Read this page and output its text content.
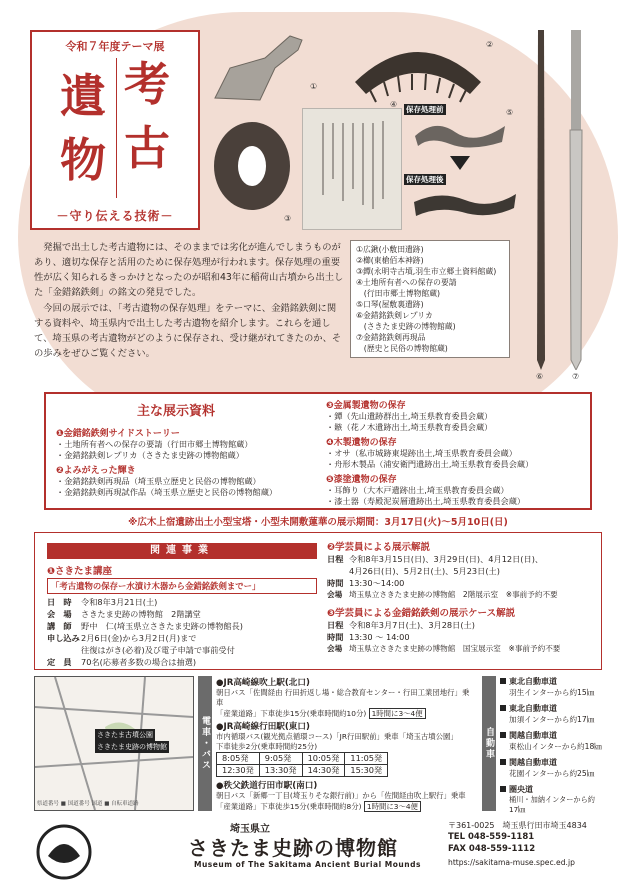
令和７年度テーマ展
考
古
遺
物
－守り伝える技術－
①
②
③
④
保存処理前	⑤
保存処理後
⑥	⑦

発掘で出土した考古遺物には、そのままでは劣化が進んでしまうものがあり、適切な保存と活用のために保存処理が行われます。保存処理の重要性が広く知られるきっかけとなったのが昭和43年に稲荷山古墳から出土した「金錯銘鉄剣」の銘文の発見でした。

今回の展示では、「考古遺物の保存処理」をテーマに、金錯銘鉄剣に関する資料や、埼玉県内で出土した考古遺物を紹介します。これらを通して、埼玉県の考古遺物がどのように保存され、受け継がれてきたのか、その歩みをぜひご覧ください。

①広鍬(小敷田遺跡)
②櫛(東槍佰本神跡)
③鐔(永明寺古墳,羽生市立郷土資料館蔵)
④土地所有者への保存の要請
　(行田市郷土博物館蔵)
⑤口琴(屋敷裏遺跡)
⑥金錯銘鉄剣レプリカ
　(さきたま史跡の博物館蔵)
⑦金錯銘鉄剣再現品
　(歴史と民俗の博物館蔵)
主な展示資料
❶金錯銘鉄剣サイドストーリー
・土地所有者への保存の要請（行田市郷土博物館蔵）
・金錯銘鉄剣レプリカ（さきたま史跡の博物館蔵）
❷よみがえった輝き
・金錯銘鉄剣再現品（埼玉県立歴史と民俗の博物館蔵）
・金錯銘鉄剣再現試作品（埼玉県立歴史と民俗の博物館蔵）
❸金属製遺物の保存
・鐔（先山遺跡群出土,埼玉県教育委員会蔵）
・鏃（花ノ木遺跡出土,埼玉県教育委員会蔵）
❹木製遺物の保存
・オサ（私市城跡東堤跡出土,埼玉県教育委員会蔵）
・舟形木製品（浦安衛門遺跡出土,埼玉県教育委員会蔵）
❺漆塗遺物の保存
・耳飾り（大木戸遺跡出土,埼玉県教育委員会蔵）
・漆土器（寿殿泥炭層遺跡出土,埼玉県教育委員会蔵）
※広木上宿遺跡出土小型宝塔・小型未開敷蓮華の展示期間：3月17日(火)～5月10日(日)
関連事業
❶さきたま講座
「考古遺物の保存ー水漬け木器から金錯銘鉄剣までー」
日　時 令和8年3月21日(土)
会　場 さきたま史跡の博物館　2階講堂
講　師 野中　仁(埼玉県立さきたま史跡の博物館長)
申し込み2月6日(金)から3月2日(月)まで
往復はがき(必着)及び電子申請で事前受付
定　員 70名(応募者多数の場合は抽選)
❷学芸員による展示解説
日程 令和8年3月15日(日)、3月29日(日)、4月12日(日)、
4月26日(日)、5月2日(土)、5月23日(土)
時間 13:30～14:00
会場 埼玉県立さきたま史跡の博物館　2階展示室　※事前予約不要
❸学芸員による金錯銘鉄剣の展示ケース解説
日程 令和8年3月7日(土)、3月28日(土)
時間 13:30 ～ 14:00
会場 埼玉県立さきたま史跡の博物館　国宝展示室　※事前予約不要
さきたま古墳公園
さきたま史跡の博物館
県道番号 ■ 国道番号 国道 ■ 自転車道路
電車・バス
●JR高崎線吹上駅(北口)
朝日バス「佐間経由 行田折返し場・総合教育センター・行田工業団地行」乗車
「産業道路」下車徒歩15分(乗車時間約10分) 1時間に3～4便
●JR高崎線行田駅(東口)
市内循環バス(観光拠点循環コース)「JR行田駅前」乗車「埼玉古墳公園」
下車徒歩2分(乗車時間約25分)
8:05発	9:05発	10:05発	11:05発
12:30発	13:30発	14:30発	15:30発
●秩父鉄道行田市駅(南口)
朝日バス「新郷一丁目(埼玉りそな銀行前)」から「佐間経由吹上駅行」乗車
「産業道路」下車徒歩15分(乗車時間約8分) 1時間に3～4便
自動車
東北自動車道
羽生インターから約15㎞
東北自動車道
加須インターから約17㎞
関越自動車道
東松山インターから約18㎞
関越自動車道
花園インターから約25㎞
圏央道
桶川・加納インターから約17㎞
埼玉県立
さきたま史跡の博物館
Museum of The Sakitama Ancient Burial Mounds
〒361-0025　埼玉県行田市埼玉4834
TEL 048-559-1181
FAX 048-559-1112
https://sakitama-muse.spec.ed.jp
